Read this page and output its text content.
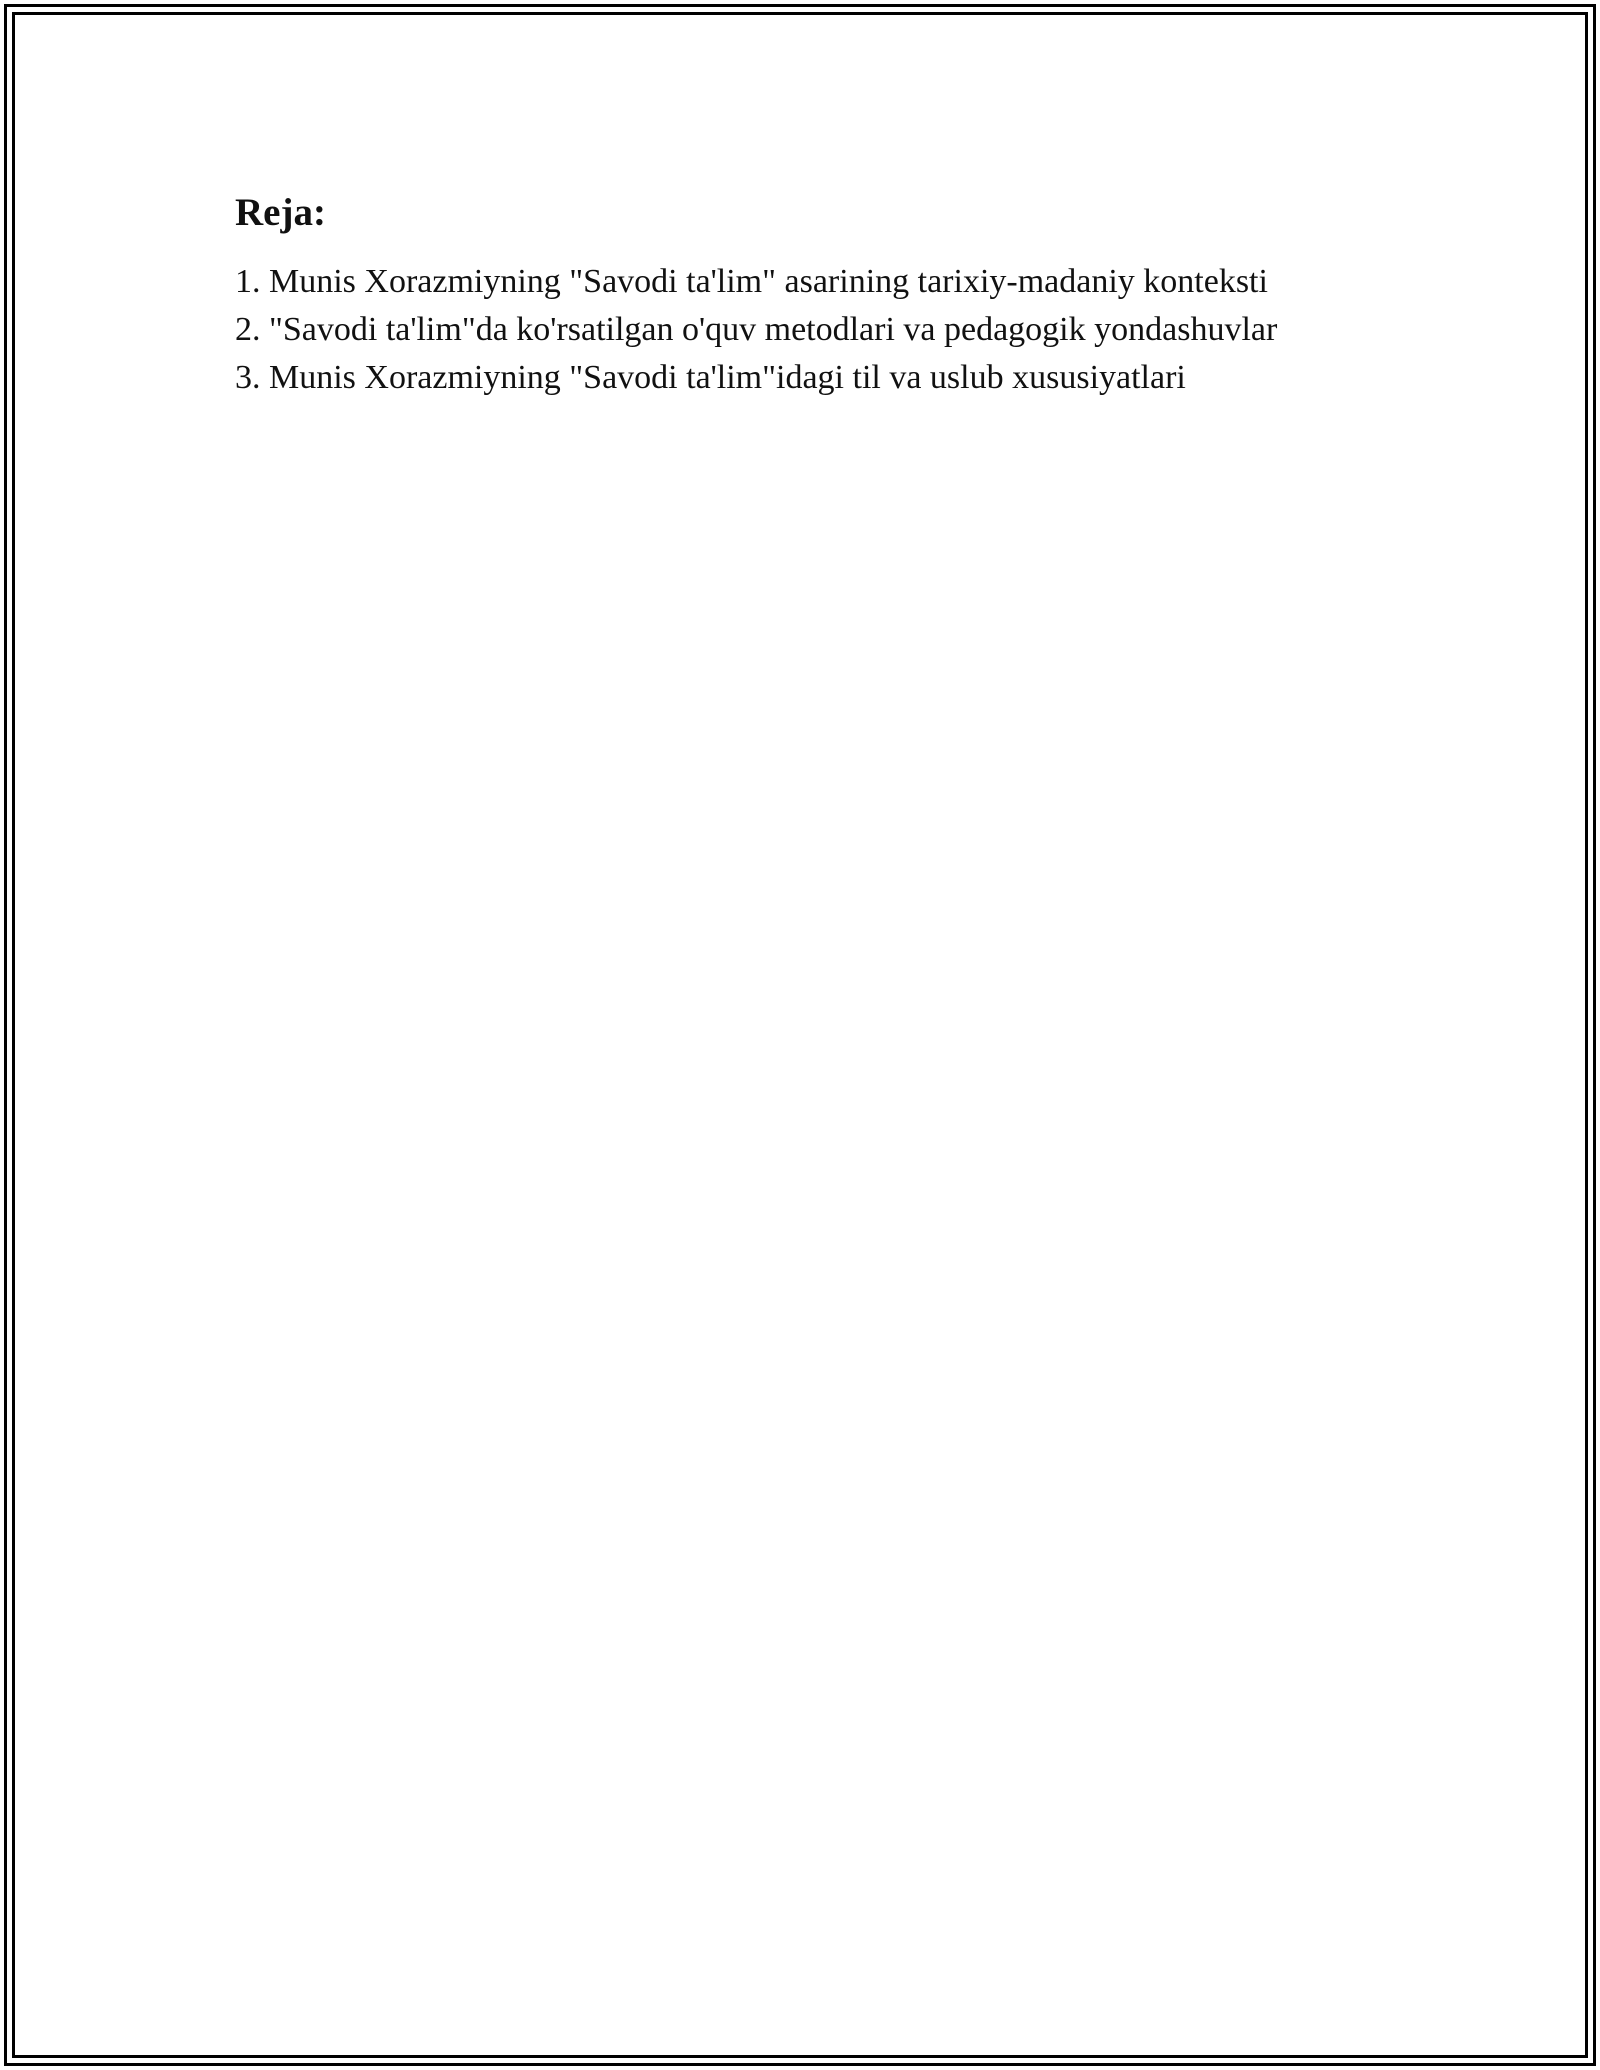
Reja:
1. Munis Xorazmiyning "Savodi ta'lim" asarining tarixiy-madaniy konteksti
2. "Savodi ta'lim"da ko'rsatilgan o'quv metodlari va pedagogik yondashuvlar
3. Munis Xorazmiyning "Savodi ta'lim"idagi til va uslub xususiyatlari
